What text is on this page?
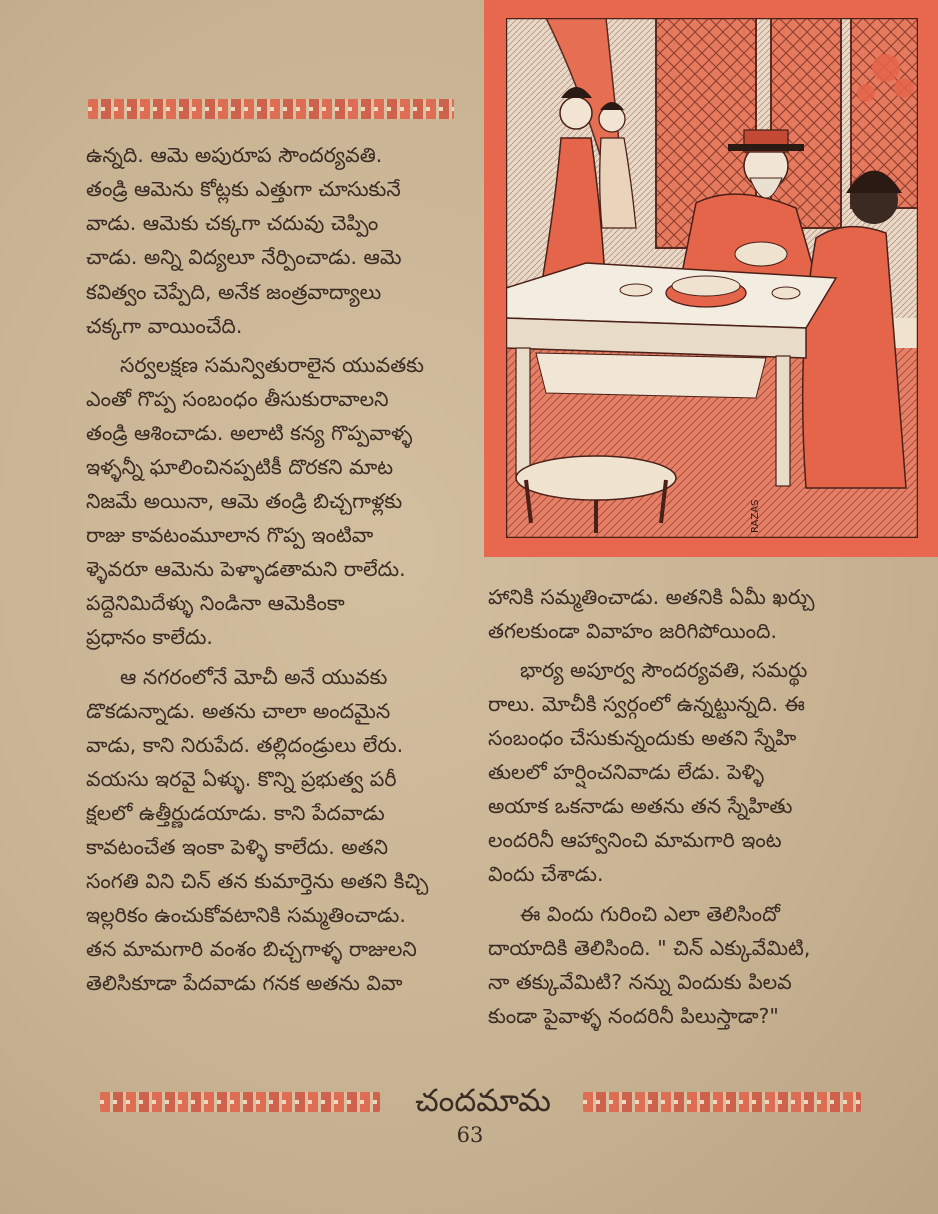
RAZAS

ఉన్నది. ఆమె అపురూప సౌందర్యవతి.

తండ్రి ఆమెను కోట్లకు ఎత్తుగా చూసుకునే

వాడు. ఆమెకు చక్కగా చదువు చెప్పిం

చాడు. అన్ని విద్యలూ నేర్పించాడు. ఆమె

కవిత్వం చెప్పేది, అనేక జంత్రవాద్యాలు

చక్కగా వాయించేది.

సర్వలక్షణ సమన్వితురాలైన యువతకు

ఎంతో గొప్ప సంబంధం తీసుకురావాలని

తండ్రి ఆశించాడు. అలాటి కన్య గొప్పవాళ్ళ

ఇళ్ళన్నీ ఘాలించినప్పటికీ దొరకని మాట

నిజమే అయినా, ఆమె తండ్రి బిచ్చగాళ్లకు

రాజు కావటంమూలాన గొప్ప ఇంటివా

ళ్ళెవరూ ఆమెను పెళ్ళాడతామని రాలేదు.

పద్దెనిమిదేళ్ళు నిండినా ఆమెకింకా

ప్రధానం కాలేదు.

ఆ నగరంలోనే మోచీ అనే యువకు

డొకడున్నాడు. అతను చాలా అందమైన

వాడు, కాని నిరుపేద. తల్లిదండ్రులు లేరు.

వయసు ఇరవై ఏళ్ళు. కొన్ని ప్రభుత్వ పరీ

క్షలలో ఉత్తీర్ణుడయాడు. కాని పేదవాడు

కావటంచేత ఇంకా పెళ్ళి కాలేదు. అతని

సంగతి విని చిన్ తన కుమార్తెను అతని కిచ్చి

ఇల్లరికం ఉంచుకోవటానికి సమ్మతించాడు.

తన మామగారి వంశం బిచ్చగాళ్ళ రాజులని

తెలిసికూడా పేదవాడు గనక అతను వివా

హానికి సమ్మతించాడు. అతనికి ఏమీ ఖర్చు

తగలకుండా వివాహం జరిగిపోయింది.

భార్య అపూర్వ సౌందర్యవతి, సమర్థు

రాలు. మోచీకి స్వర్గంలో ఉన్నట్టున్నది. ఈ

సంబంధం చేసుకున్నందుకు అతని స్నేహి

తులలో హర్షించనివాడు లేడు. పెళ్ళి

అయాక ఒకనాడు అతను తన స్నేహితు

లందరినీ ఆహ్వానించి మామగారి ఇంట

విందు చేశాడు.

ఈ విందు గురించి ఎలా తెలిసిందో

దాయాదికి తెలిసింది. " చిన్ ఎక్కువేమిటి,

నా తక్కువేమిటి? నన్ను విందుకు పిలవ

కుండా పైవాళ్ళ నందరినీ పిలుస్తాడా?"

చందమామ
63
